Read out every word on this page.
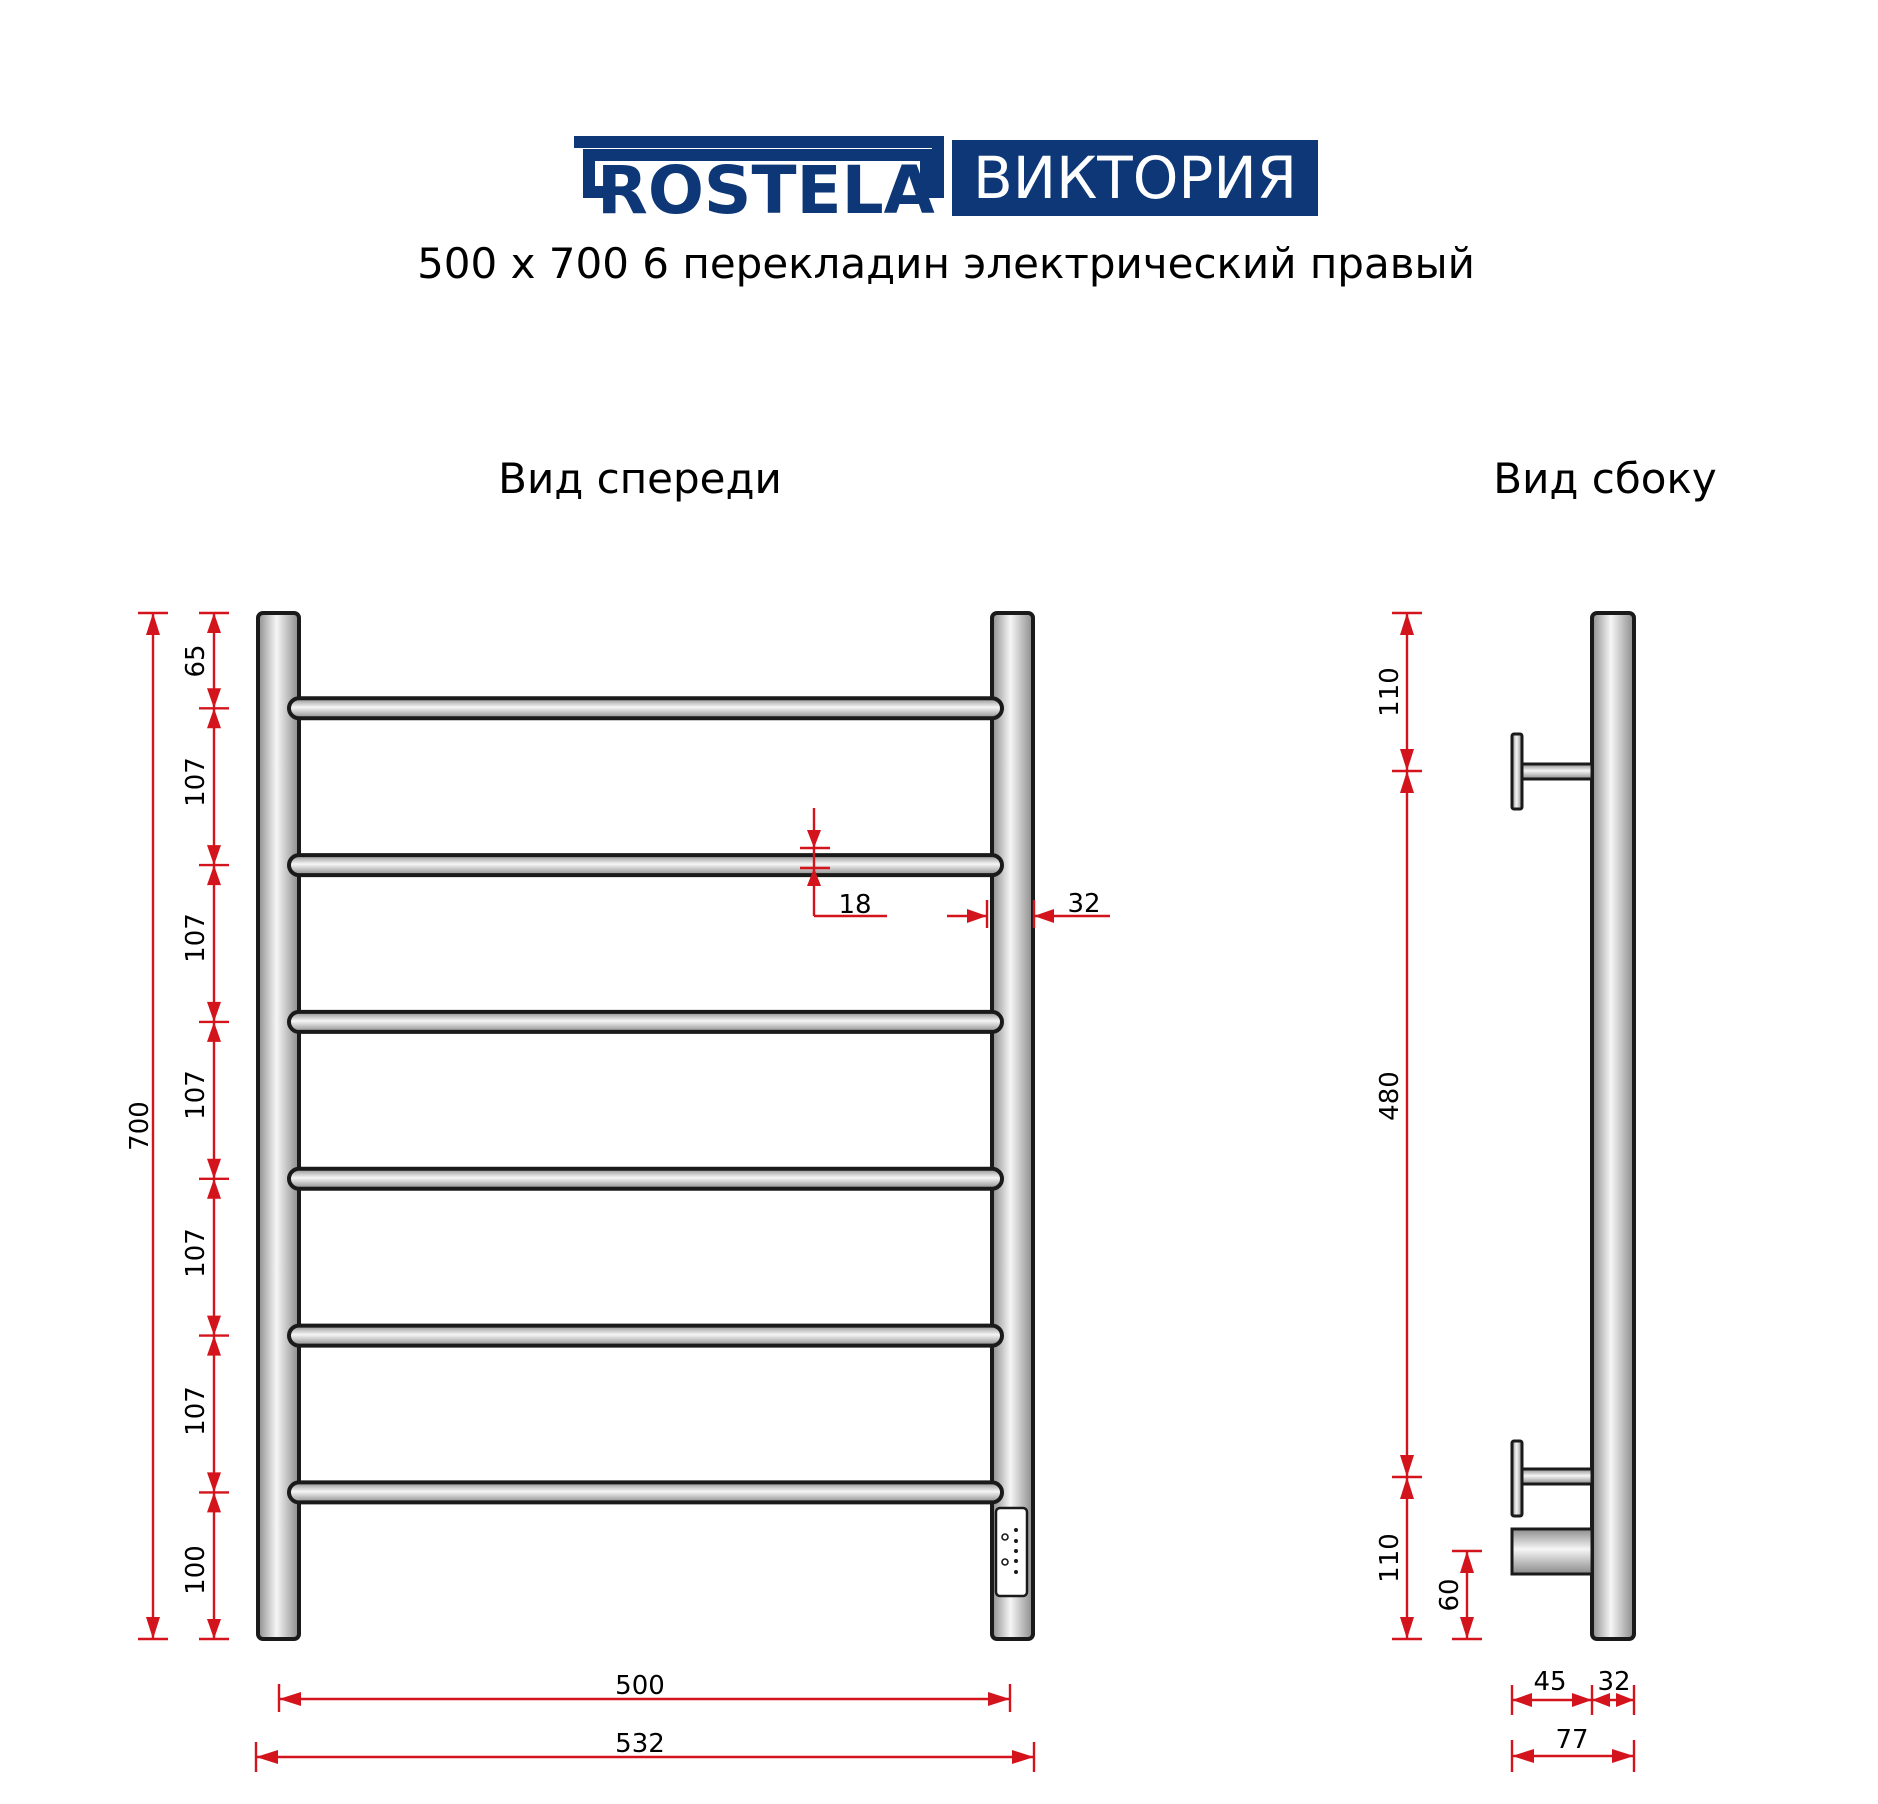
ROSTELA ВИКТОРИЯ
500 x 700 6 перекладин электрический правый
Вид спереди	Вид сбоку
700
65
107
107
107
107
107
100
18	32
500
532
110
480
110
60
45 32
77
